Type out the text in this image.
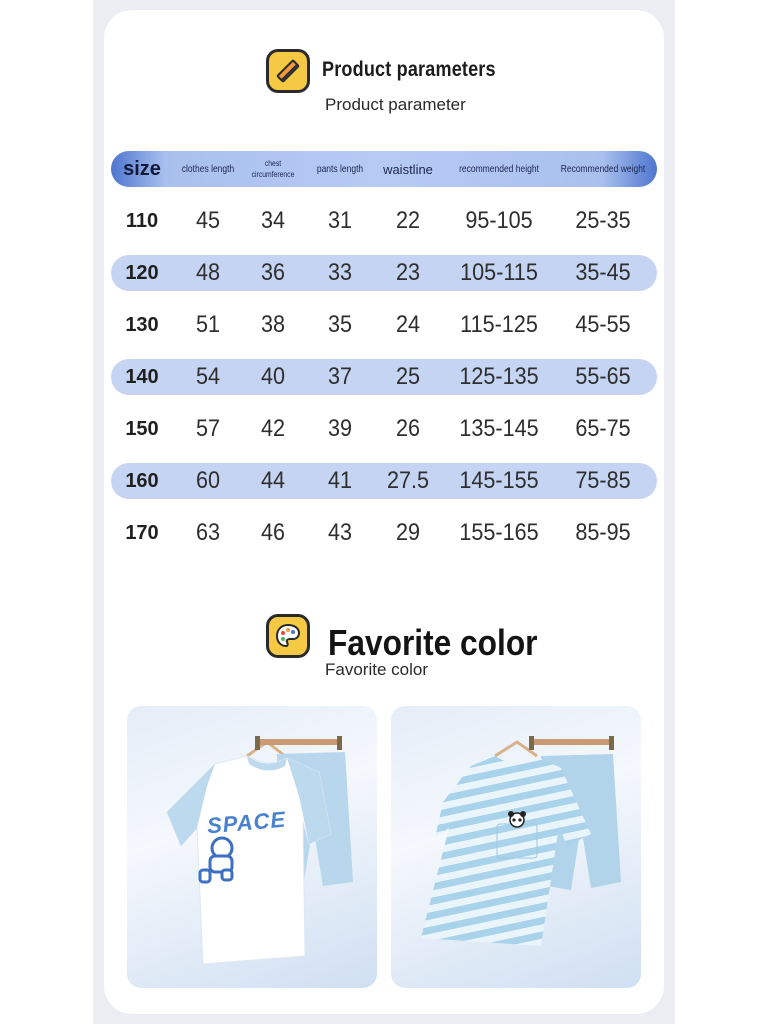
Product parameters
Product parameter
size	clothes length	chest circumference	pants length	waistline	recommended height	Recommended weight
110	45	34	31	22	95-105	25-35
120	48	36	33	23	105-115	35-45
130	51	38	35	24	115-125	45-55
140	54	40	37	25	125-135	55-65
150	57	42	39	26	135-145	65-75
160	60	44	41	27.5	145-155	75-85
170	63	46	43	29	155-165	85-95
Favorite color
Favorite color
SPACE
